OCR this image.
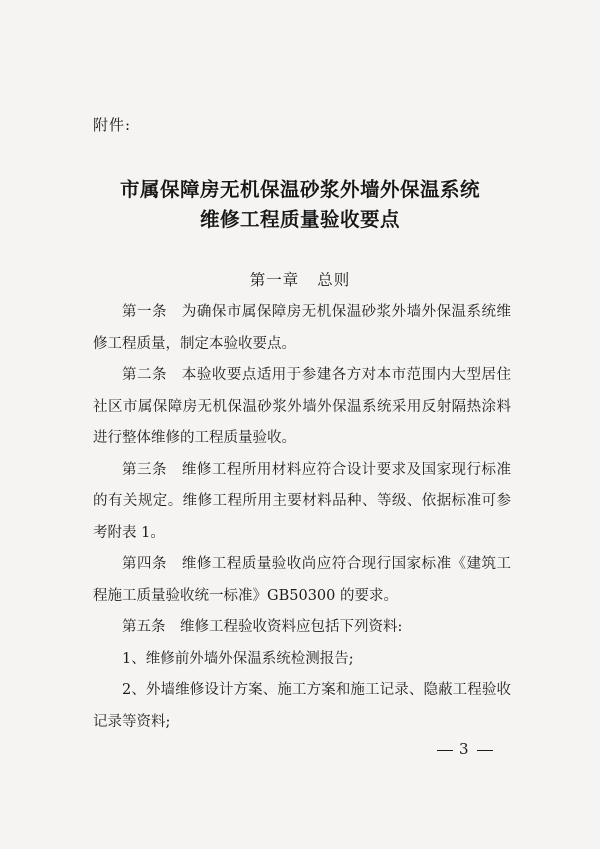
附件:
市属保障房无机保温砂浆外墙外保温系统
维修工程质量验收要点
第一章 总则

第一条　为确保市属保障房无机保温砂浆外墙外保温系统维修工程质量，制定本验收要点。

第二条　本验收要点适用于参建各方对本市范围内大型居住社区市属保障房无机保温砂浆外墙外保温系统采用反射隔热涂料进行整体维修的工程质量验收。

第三条　维修工程所用材料应符合设计要求及国家现行标准的有关规定。维修工程所用主要材料品种、等级、依据标准可参考附表 1。

第四条　维修工程质量验收尚应符合现行国家标准《建筑工程施工质量验收统一标准》GB50300 的要求。

第五条　维修工程验收资料应包括下列资料:

1、维修前外墙外保温系统检测报告;

2、外墙维修设计方案、施工方案和施工记录、隐蔽工程验收记录等资料;

3
